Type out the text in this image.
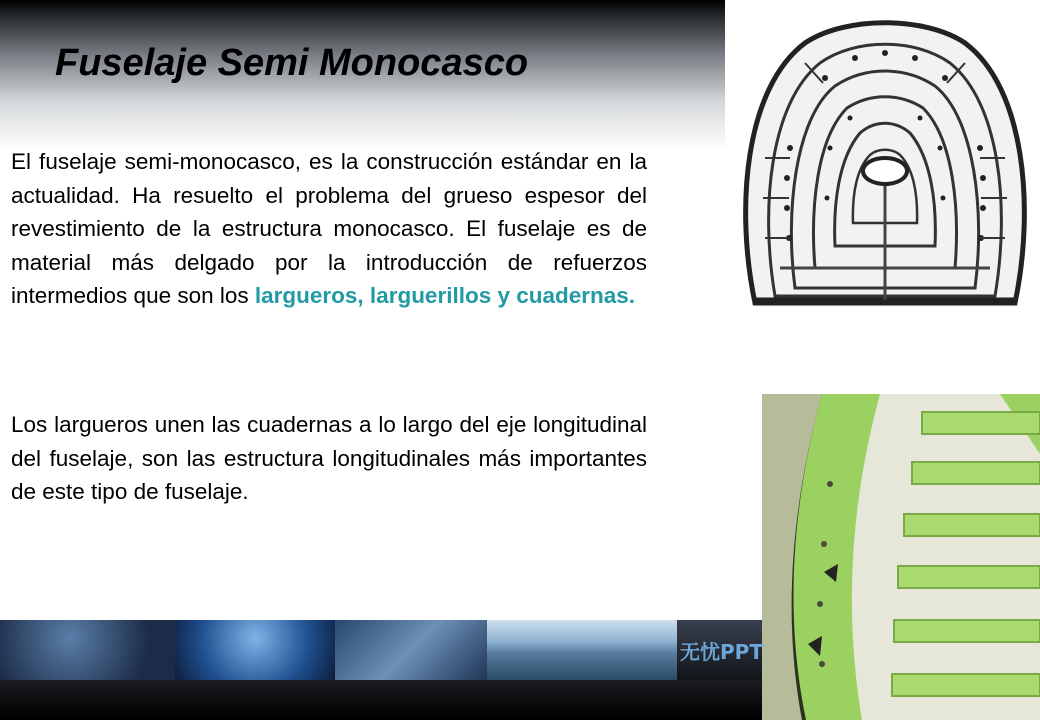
Fuselaje Semi Monocasco

El fuselaje semi-monocasco, es la construcción estándar en la actualidad. Ha resuelto el problema del grueso espesor del revestimiento de la estructura monocasco. El fuselaje es de material más delgado por la introducción de refuerzos intermedios que son los largueros, larguerillos y cuadernas.

Los largueros unen las cuadernas a lo largo del eje longitudinal del fuselaje, son las estructura longitudinales más importantes de este tipo de fuselaje.

无忧PPT
